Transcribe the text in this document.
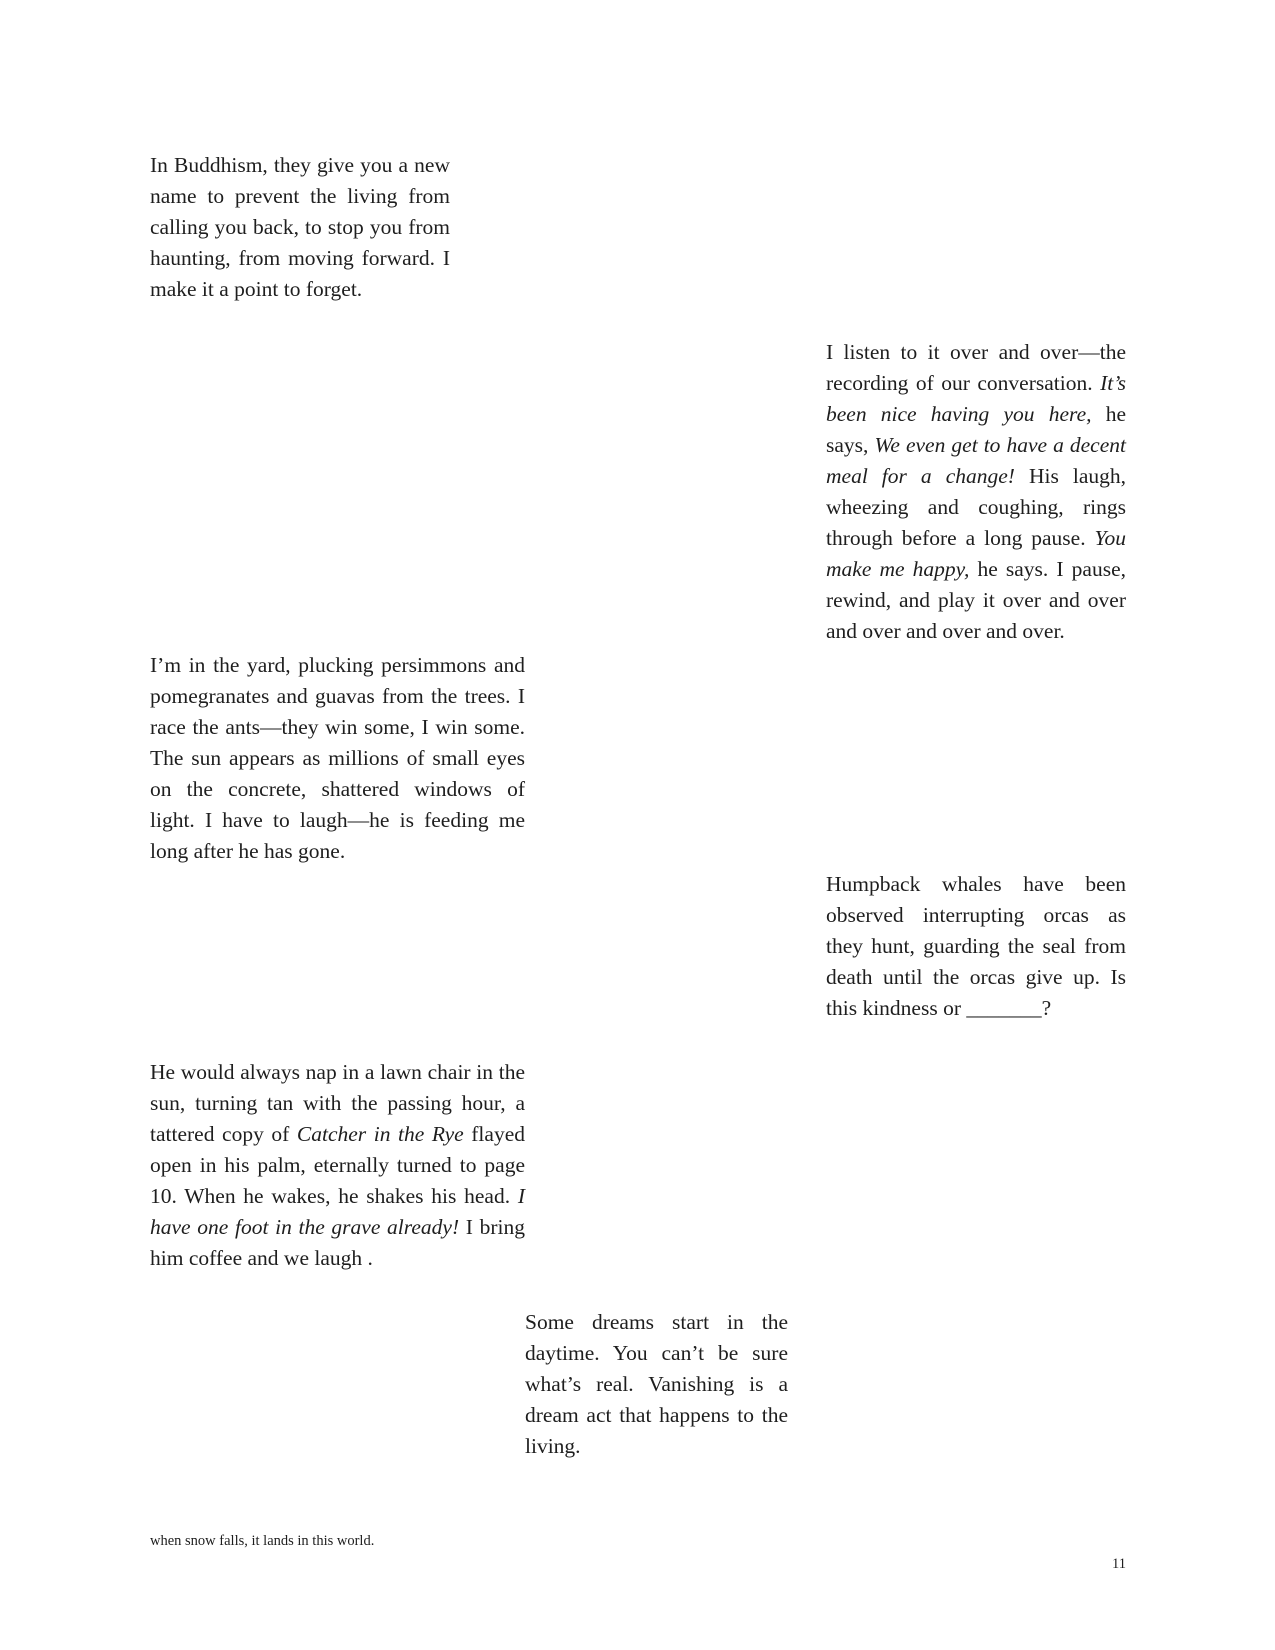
In Buddhism, they give you a new name to prevent the living from calling you back, to stop you from haunting, from moving forward. I make it a point to forget.

I listen to it over and over—the recording of our conversation. It’s been nice having you here, he says, We even get to have a decent meal for a change! His laugh, wheezing and coughing, rings through before a long pause. You make me happy, he says. I pause, rewind, and play it over and over and over and over and over.

I’m in the yard, plucking persimmons and pomegranates and guavas from the trees. I race the ants—they win some, I win some. The sun appears as millions of small eyes on the concrete, shattered windows of light. I have to laugh—he is feeding me long after he has gone.

Humpback whales have been observed interrupting orcas as they hunt, guarding the seal from death until the orcas give up. Is this kindness or _______?

He would always nap in a lawn chair in the sun, turning tan with the passing hour, a tattered copy of Catcher in the Rye flayed open in his palm, eternally turned to page 10. When he wakes, he shakes his head. I have one foot in the grave already! I bring him coffee and we laugh .

Some dreams start in the daytime. You can’t be sure what’s real. Vanishing is a dream act that happens to the living.

when snow falls, it lands in this world.
11
